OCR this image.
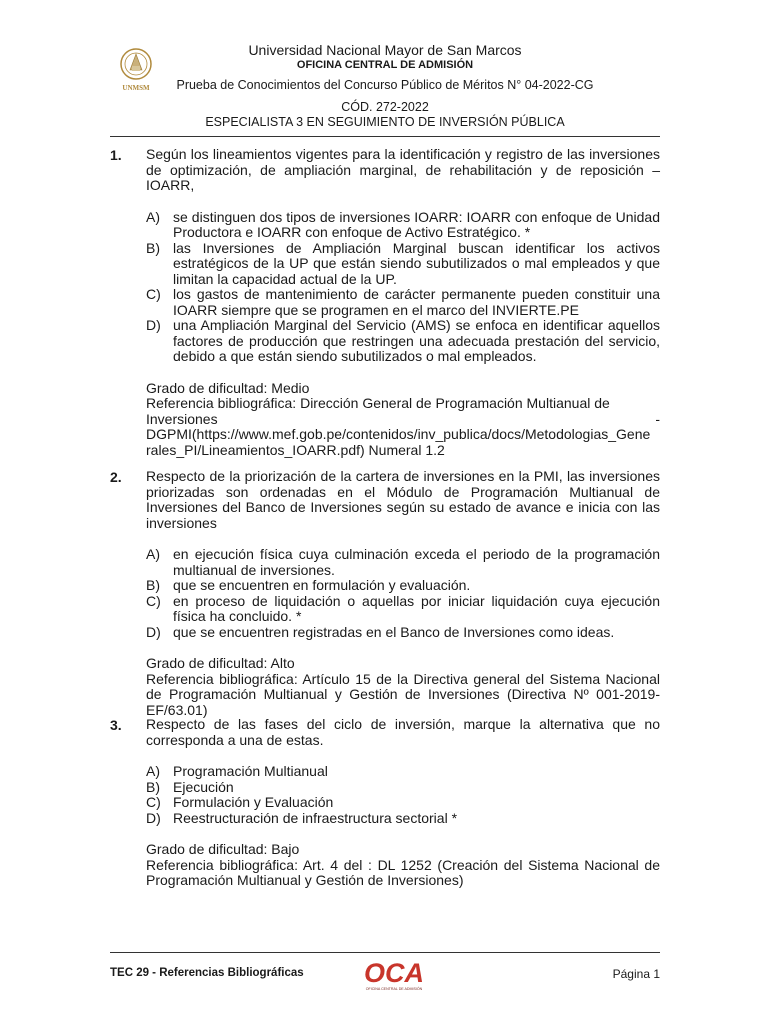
UNMSM
Universidad Nacional Mayor de San Marcos
OFICINA CENTRAL DE ADMISIÓN
Prueba de Conocimientos del Concurso Público de Méritos N° 04-2022-CG
CÓD. 272-2022
ESPECIALISTA 3 EN SEGUIMIENTO DE INVERSIÓN PÚBLICA
1. Según los lineamientos vigentes para la identificación y registro de las inversiones de optimización, de ampliación marginal, de rehabilitación y de reposición – IOARR,
A) se distinguen dos tipos de inversiones IOARR: IOARR con enfoque de Unidad Productora e IOARR con enfoque de Activo Estratégico. *
B) las Inversiones de Ampliación Marginal buscan identificar los activos estratégicos de la UP que están siendo subutilizados o mal empleados y que limitan la capacidad actual de la UP.
C) los gastos de mantenimiento de carácter permanente pueden constituir una IOARR siempre que se programen en el marco del INVIERTE.PE
D) una Ampliación Marginal del Servicio (AMS) se enfoca en identificar aquellos factores de producción que restringen una adecuada prestación del servicio, debido a que están siendo subutilizados o mal empleados.
Grado de dificultad: Medio
Referencia bibliográfica: Dirección General de Programación Multianual de
Inversiones	-
DGPMI(https://www.mef.gob.pe/contenidos/inv_publica/docs/Metodologias_Gene
rales_PI/Lineamientos_IOARR.pdf) Numeral 1.2
2. Respecto de la priorización de la cartera de inversiones en la PMI, las inversiones priorizadas son ordenadas en el Módulo de Programación Multianual de Inversiones del Banco de Inversiones según su estado de avance e inicia con las inversiones
A) en ejecución física cuya culminación exceda el periodo de la programación multianual de inversiones.
B) que se encuentren en formulación y evaluación.
C) en proceso de liquidación o aquellas por iniciar liquidación cuya ejecución física ha concluido. *
D) que se encuentren registradas en el Banco de Inversiones como ideas.
Grado de dificultad: Alto
Referencia bibliográfica: Artículo 15 de la Directiva general del Sistema Nacional de Programación Multianual y Gestión de Inversiones (Directiva Nº 001-2019-EF/63.01)
3. Respecto de las fases del ciclo de inversión, marque la alternativa que no corresponda a una de estas.
A) Programación Multianual
B) Ejecución
C) Formulación y Evaluación
D) Reestructuración de infraestructura sectorial *
Grado de dificultad: Bajo
Referencia bibliográfica: Art. 4 del : DL 1252 (Creación del Sistema Nacional de Programación Multianual y Gestión de Inversiones)
TEC 29 - Referencias Bibliográficas OCA
OFICINA CENTRAL DE ADMISIÓN
Página 1
